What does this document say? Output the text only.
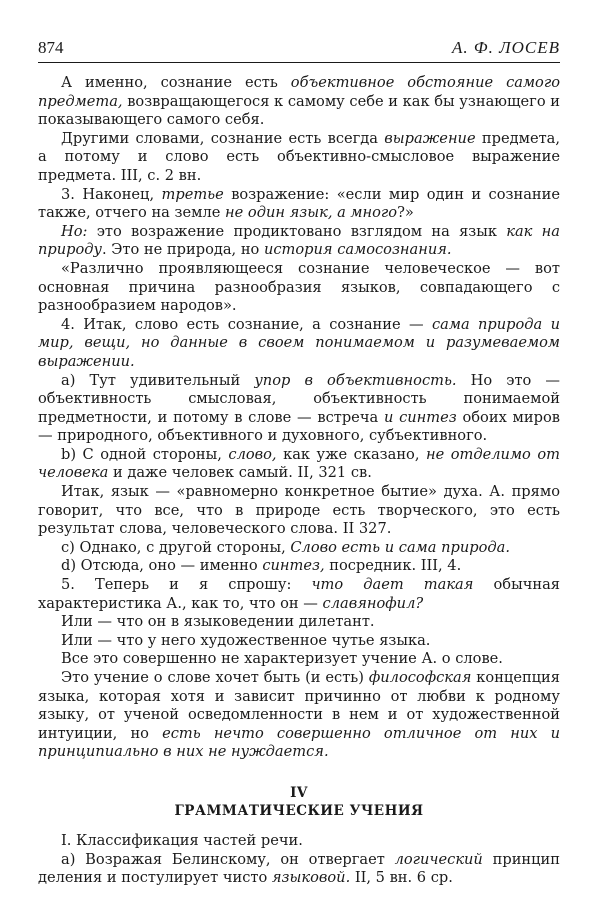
874	А. Ф. ЛОСЕВ

А именно, сознание есть объективное обстояние самого предмета, возвращающегося к самому себе и как бы узнающего и показывающего самого себя.

Другими словами, сознание есть всегда выражение предмета, а потому и слово есть объективно-смысловое выражение предмета. III, с. 2 вн.

3. Наконец, третье возражение: «если мир один и сознание также, отчего на земле не один язык, а много?»

Но: это возражение продиктовано взглядом на язык как на природу. Это не природа, но история самосознания.

«Различно проявляющееся сознание человеческое — вот основная причина разнообразия языков, совпадающего с разнообразием народов».

4. Итак, слово есть сознание, а сознание — сама природа и мир, вещи, но данные в своем понимаемом и разумеваемом выражении.

a) Тут удивительный упор в объективность. Но это — объективность смысловая, объективность понимаемой предметности, и потому в слове — встреча и синтез обоих миров — природного, объективного и духовного, субъективного.

b) С одной стороны, слово, как уже сказано, не отделимо от человека и даже человек самый. II, 321 св.

Итак, язык — «равномерно конкретное бытие» духа. А. прямо говорит, что все, что в природе есть творческого, это есть результат слова, человеческого слова. II 327.

c) Однако, с другой стороны, Слово есть и сама природа.

d) Отсюда, оно — именно синтез, посредник. III, 4.

5. Теперь и я спрошу: что дает такая обычная характеристика А., как то, что он — славянофил?

Или — что он в языковедении дилетант.

Или — что у него художественное чутье языка.

Все это совершенно не характеризует учение А. о слове.

Это учение о слове хочет быть (и есть) философская концепция языка, которая хотя и зависит причинно от любви к родному языку, от ученой осведомленности в нем и от художественной интуиции, но есть нечто совершенно отличное от них и принципиально в них не нуждается.

IV
ГРАММАТИЧЕСКИЕ УЧЕНИЯ

I. Классификация частей речи.

a) Возражая Белинскому, он отвергает логический принцип деления и постулирует чисто языковой. II, 5 вн. 6 ср.
